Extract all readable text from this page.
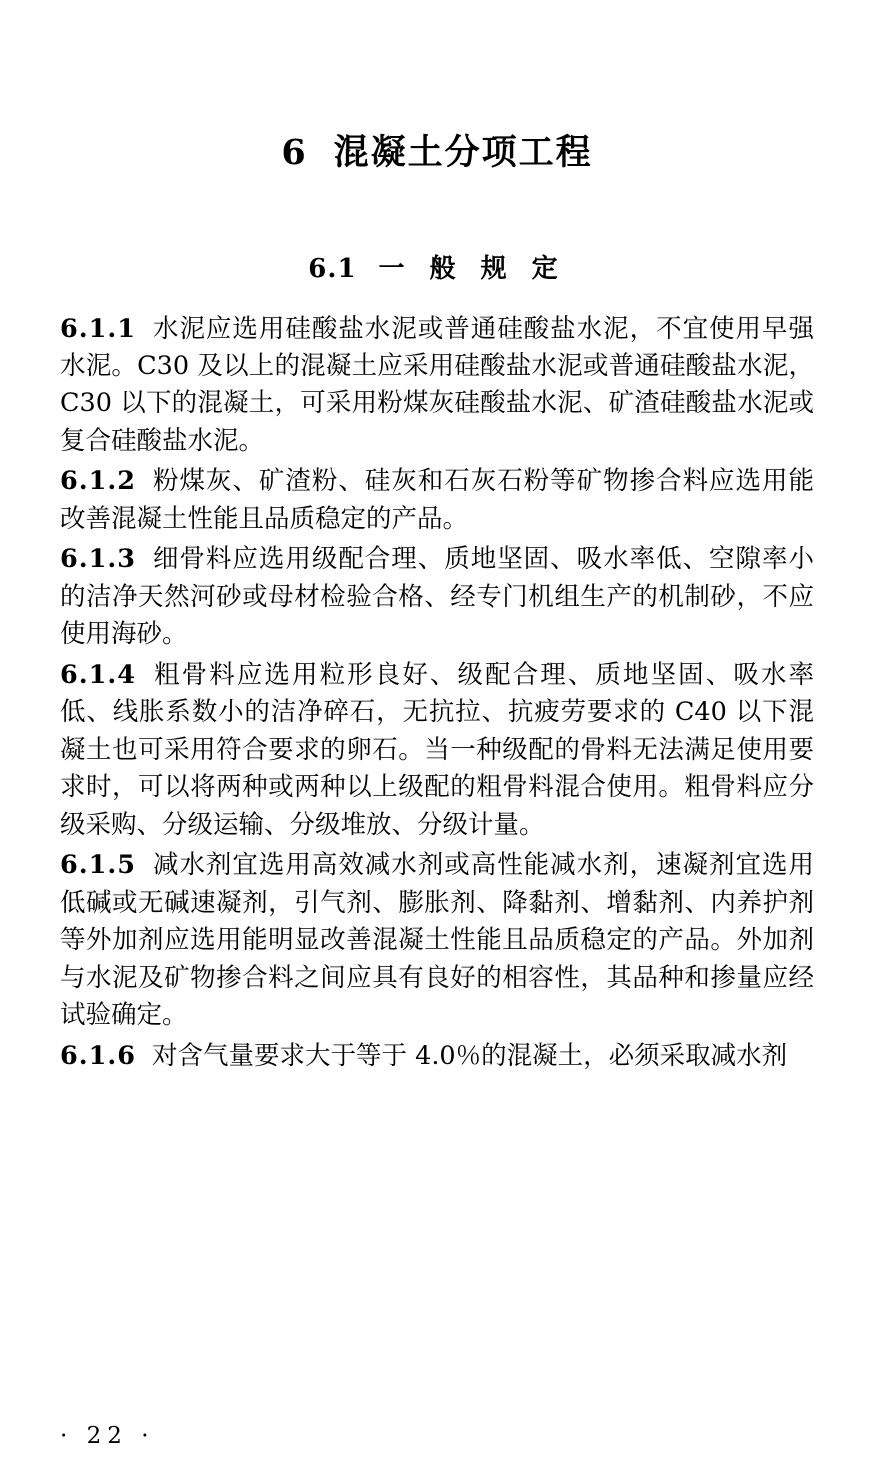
6 混凝土分项工程
6.1 一 般 规 定

6.1.1 水泥应选用硅酸盐水泥或普通硅酸盐水泥，不宜使用早强水泥。C30 及以上的混凝土应采用硅酸盐水泥或普通硅酸盐水泥，C30 以下的混凝土，可采用粉煤灰硅酸盐水泥、矿渣硅酸盐水泥或复合硅酸盐水泥。

6.1.2 粉煤灰、矿渣粉、硅灰和石灰石粉等矿物掺合料应选用能改善混凝土性能且品质稳定的产品。

6.1.3 细骨料应选用级配合理、质地坚固、吸水率低、空隙率小的洁净天然河砂或母材检验合格、经专门机组生产的机制砂，不应使用海砂。

6.1.4 粗骨料应选用粒形良好、级配合理、质地坚固、吸水率低、线胀系数小的洁净碎石，无抗拉、抗疲劳要求的 C40 以下混凝土也可采用符合要求的卵石。当一种级配的骨料无法满足使用要求时，可以将两种或两种以上级配的粗骨料混合使用。粗骨料应分级采购、分级运输、分级堆放、分级计量。

6.1.5 减水剂宜选用高效减水剂或高性能减水剂，速凝剂宜选用低碱或无碱速凝剂，引气剂、膨胀剂、降黏剂、增黏剂、内养护剂等外加剂应选用能明显改善混凝土性能且品质稳定的产品。外加剂与水泥及矿物掺合料之间应具有良好的相容性，其品种和掺量应经试验确定。

6.1.6 对含气量要求大于等于 4.0％的混凝土，必须采取减水剂

· 22 ·
